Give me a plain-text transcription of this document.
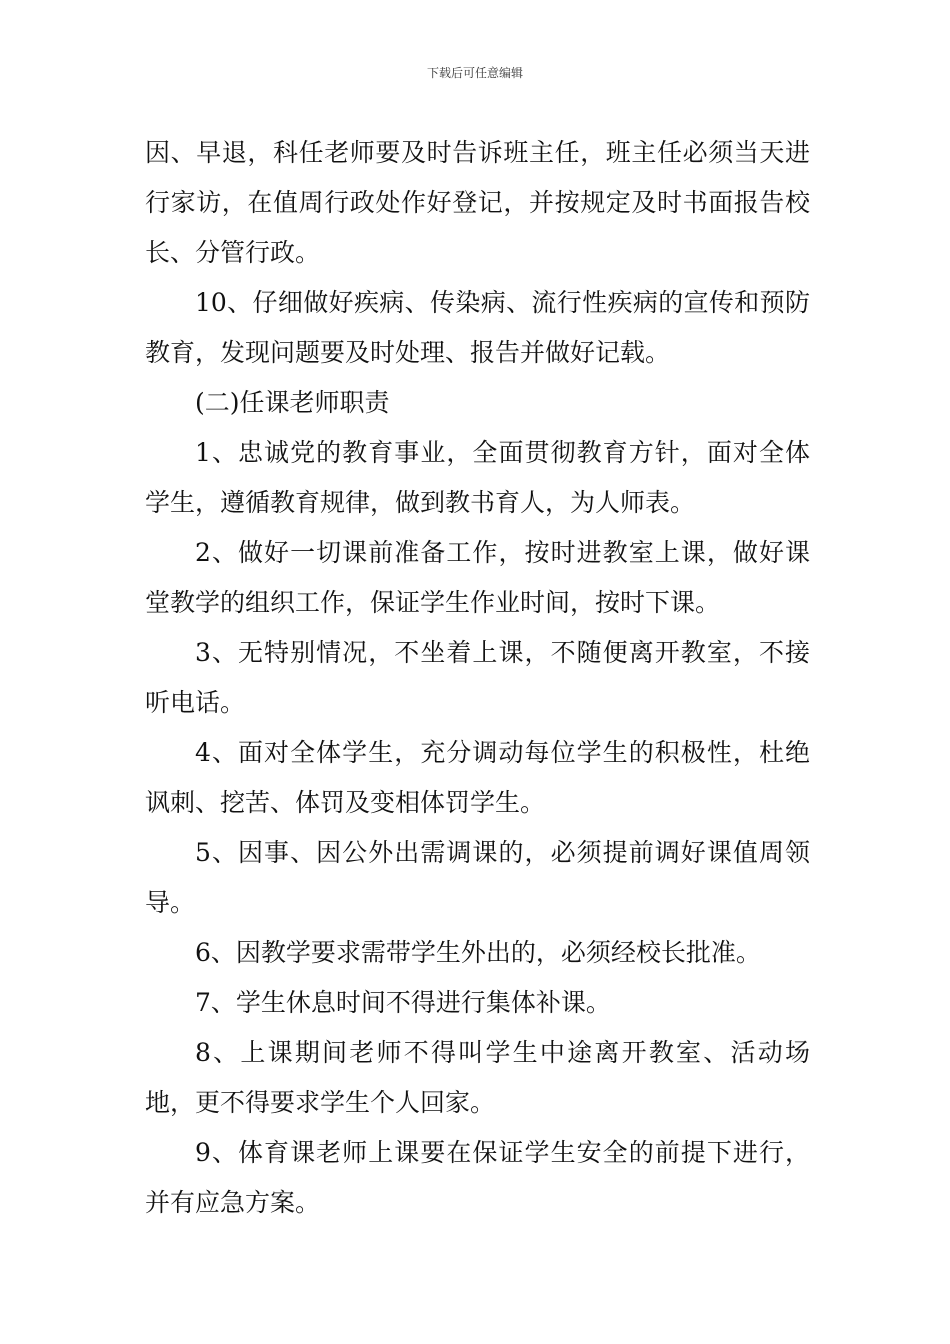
下载后可任意编辑

因、早退，科任老师要及时告诉班主任，班主任必须当天进行家访，在值周行政处作好登记，并按规定及时书面报告校长、分管行政。

10、仔细做好疾病、传染病、流行性疾病的宣传和预防教育，发现问题要及时处理、报告并做好记载。

(二)任课老师职责

1、忠诚党的教育事业，全面贯彻教育方针，面对全体学生，遵循教育规律，做到教书育人，为人师表。

2、做好一切课前准备工作，按时进教室上课，做好课堂教学的组织工作，保证学生作业时间，按时下课。

3、无特别情况，不坐着上课，不随便离开教室，不接听电话。

4、面对全体学生，充分调动每位学生的积极性，杜绝讽刺、挖苦、体罚及变相体罚学生。

5、因事、因公外出需调课的，必须提前调好课值周领导。

6、因教学要求需带学生外出的，必须经校长批准。

7、学生休息时间不得进行集体补课。

8、上课期间老师不得叫学生中途离开教室、活动场地，更不得要求学生个人回家。

9、体育课老师上课要在保证学生安全的前提下进行，并有应急方案。
